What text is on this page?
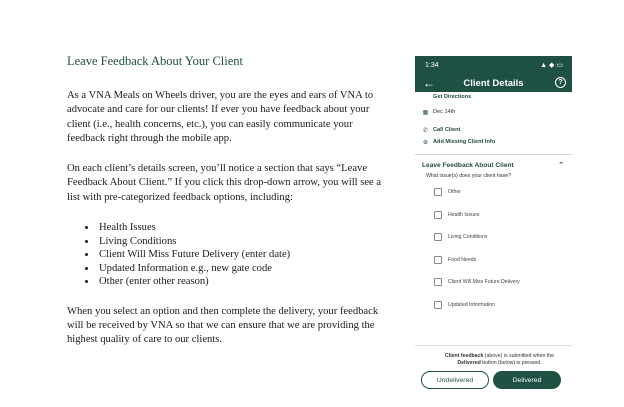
Leave Feedback About Your Client

As a VNA Meals on Wheels driver, you are the eyes and ears of VNA to advocate and care for our clients! If ever you have feedback about your client (i.e., health concerns, etc.), you can easily communicate your feedback right through the mobile app.

On each client’s details screen, you’ll notice a section that says “Leave Feedback About Client.” If you click this drop-down arrow, you will see a list with pre-categorized feedback options, including:

• Health Issues
• Living Conditions
• Client Will Miss Future Delivery (enter date)
• Updated Information e.g., new gate code
• Other (enter other reason)

When you select an option and then complete the delivery, your feedback will be received by VNA so that we can ensure that we are providing the highest quality of care to our clients.

1:34	▲ ◆ ▭
←	Client Details	?
Get Directions
▦ Dec 14th
✆ Call Client
⊕ Add Missing Client Info
Leave Feedback About Client	⌃
What issue(s) does your client have?
Other
Health Issues
Living Conditions
Food Needs
Client Will Miss Future Delivery
Updated Information
Client feedback (above) is submitted when the Delivered button (below) is pressed.
Undelivered	Delivered
